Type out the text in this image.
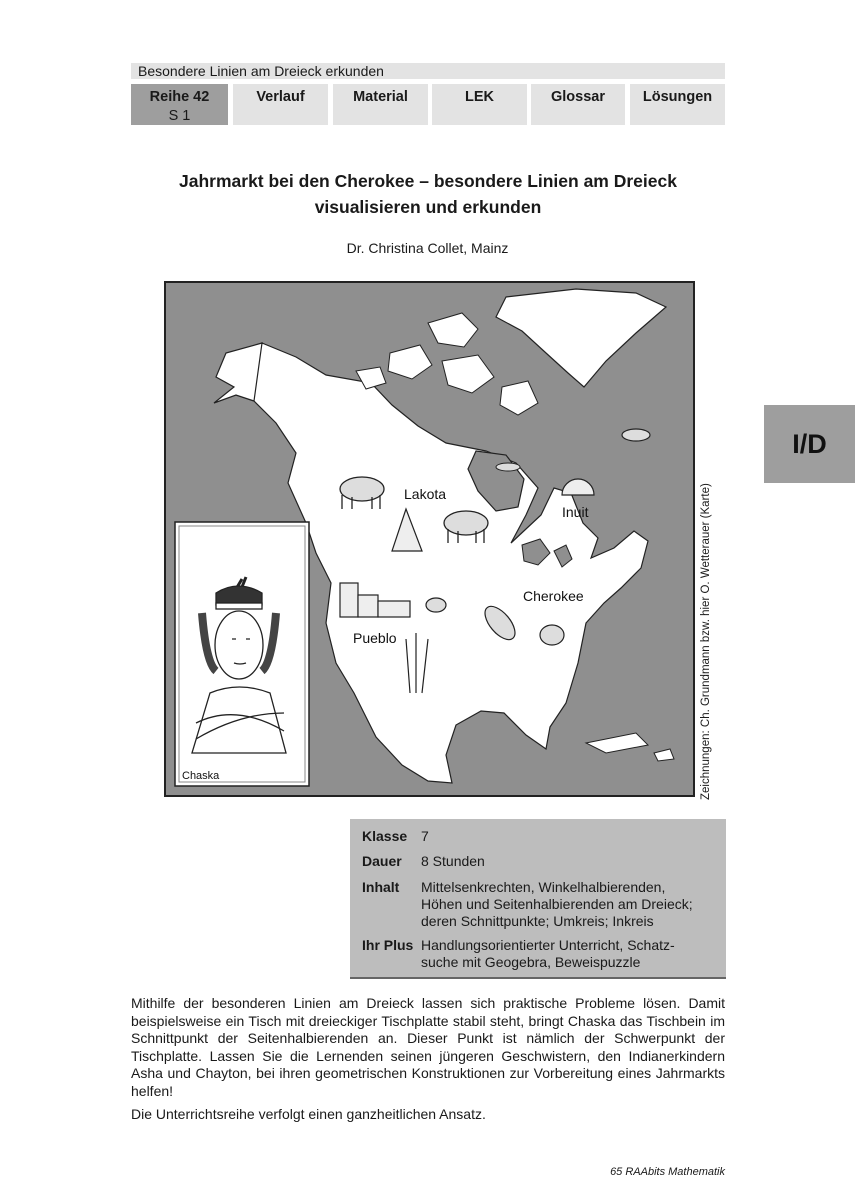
Besondere Linien am Dreieck erkunden
Reihe 42
S 1
Verlauf	Material	LEK	Glossar	Lösungen
I/D
Jahrmarkt bei den Cherokee – besondere Linien am Dreieck
visualisieren und erkunden
Dr. Christina Collet, Mainz
Lakota
Inuit
Cherokee
Pueblo
Chaska	Zeichnungen: Ch. Grundmann bzw. hier O. Wetterauer (Karte)
Klasse 7
Dauer 8 Stunden
Inhalt Mittelsenkrechten, Winkelhalbierenden,
Höhen und Seitenhalbierenden am Dreieck;
deren Schnittpunkte; Umkreis; Inkreis
Ihr Plus Handlungsorientierter Unterricht, Schatz-
suche mit Geogebra, Beweispuzzle

Mithilfe der besonderen Linien am Dreieck lassen sich praktische Probleme lösen. Damit beispielsweise ein Tisch mit dreieckiger Tischplatte stabil steht, bringt Chaska das Tischbein im Schnittpunkt der Seitenhalbierenden an. Dieser Punkt ist nämlich der Schwerpunkt der Tischplatte. Lassen Sie die Lernenden seinen jüngeren Geschwistern, den Indianerkindern Asha und Chayton, bei ihren geometrischen Konstruktionen zur Vorbereitung eines Jahrmarkts helfen!

Die Unterrichtsreihe verfolgt einen ganzheitlichen Ansatz.

65 RAAbits Mathematik
